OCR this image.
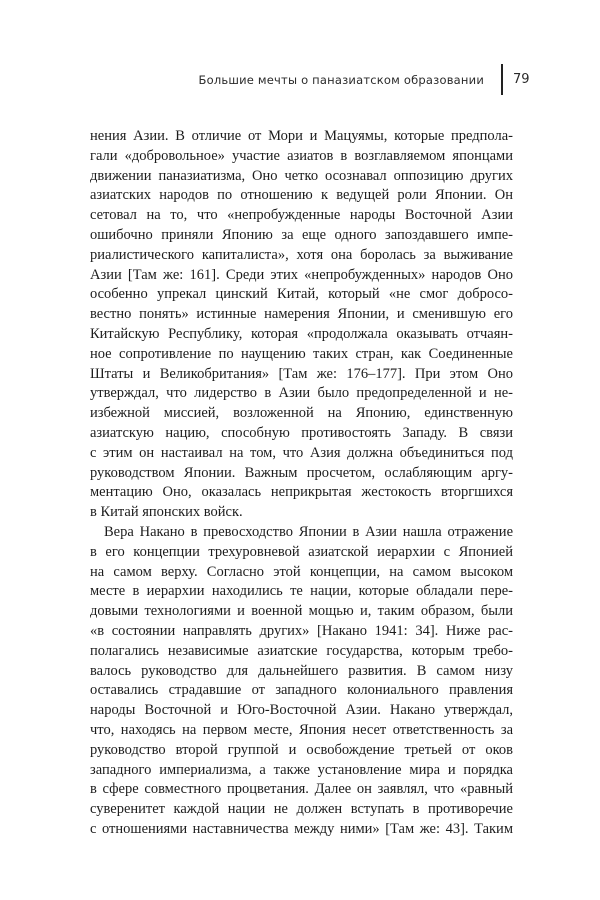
Большие мечты о паназиатском образовании 79
нения Азии. В отличие от Мори и Мацуямы, которые предпола-
гали «добровольное» участие азиатов в возглавляемом японцами
движении паназиатизма, Оно четко осознавал оппозицию других
азиатских народов по отношению к ведущей роли Японии. Он
сетовал на то, что «непробужденные народы Восточной Азии
ошибочно приняли Японию за еще одного запоздавшего импе-
риалистического капиталиста», хотя она боролась за выживание
Азии [Там же: 161]. Среди этих «непробужденных» народов Оно
особенно упрекал цинский Китай, который «не смог добросо-
вестно понять» истинные намерения Японии, и сменившую его
Китайскую Республику, которая «продолжала оказывать отчаян-
ное сопротивление по наущению таких стран, как Соединенные
Штаты и Великобритания» [Там же: 176–177]. При этом Оно
утверждал, что лидерство в Азии было предопределенной и не-
избежной миссией, возложенной на Японию, единственную
азиатскую нацию, способную противостоять Западу. В связи
с этим он настаивал на том, что Азия должна объединиться под
руководством Японии. Важным просчетом, ослабляющим аргу-
ментацию Оно, оказалась неприкрытая жестокость вторгшихся
в Китай японских войск.
Вера Накано в превосходство Японии в Азии нашла отражение
в его концепции трехуровневой азиатской иерархии с Японией
на самом верху. Согласно этой концепции, на самом высоком
месте в иерархии находились те нации, которые обладали пере-
довыми технологиями и военной мощью и, таким образом, были
«в состоянии направлять других» [Накано 1941: 34]. Ниже рас-
полагались независимые азиатские государства, которым требо-
валось руководство для дальнейшего развития. В самом низу
оставались страдавшие от западного колониального правления
народы Восточной и Юго-Восточной Азии. Накано утверждал,
что, находясь на первом месте, Япония несет ответственность за
руководство второй группой и освобождение третьей от оков
западного империализма, а также установление мира и порядка
в сфере совместного процветания. Далее он заявлял, что «равный
суверенитет каждой нации не должен вступать в противоречие
с отношениями наставничества между ними» [Там же: 43]. Таким
